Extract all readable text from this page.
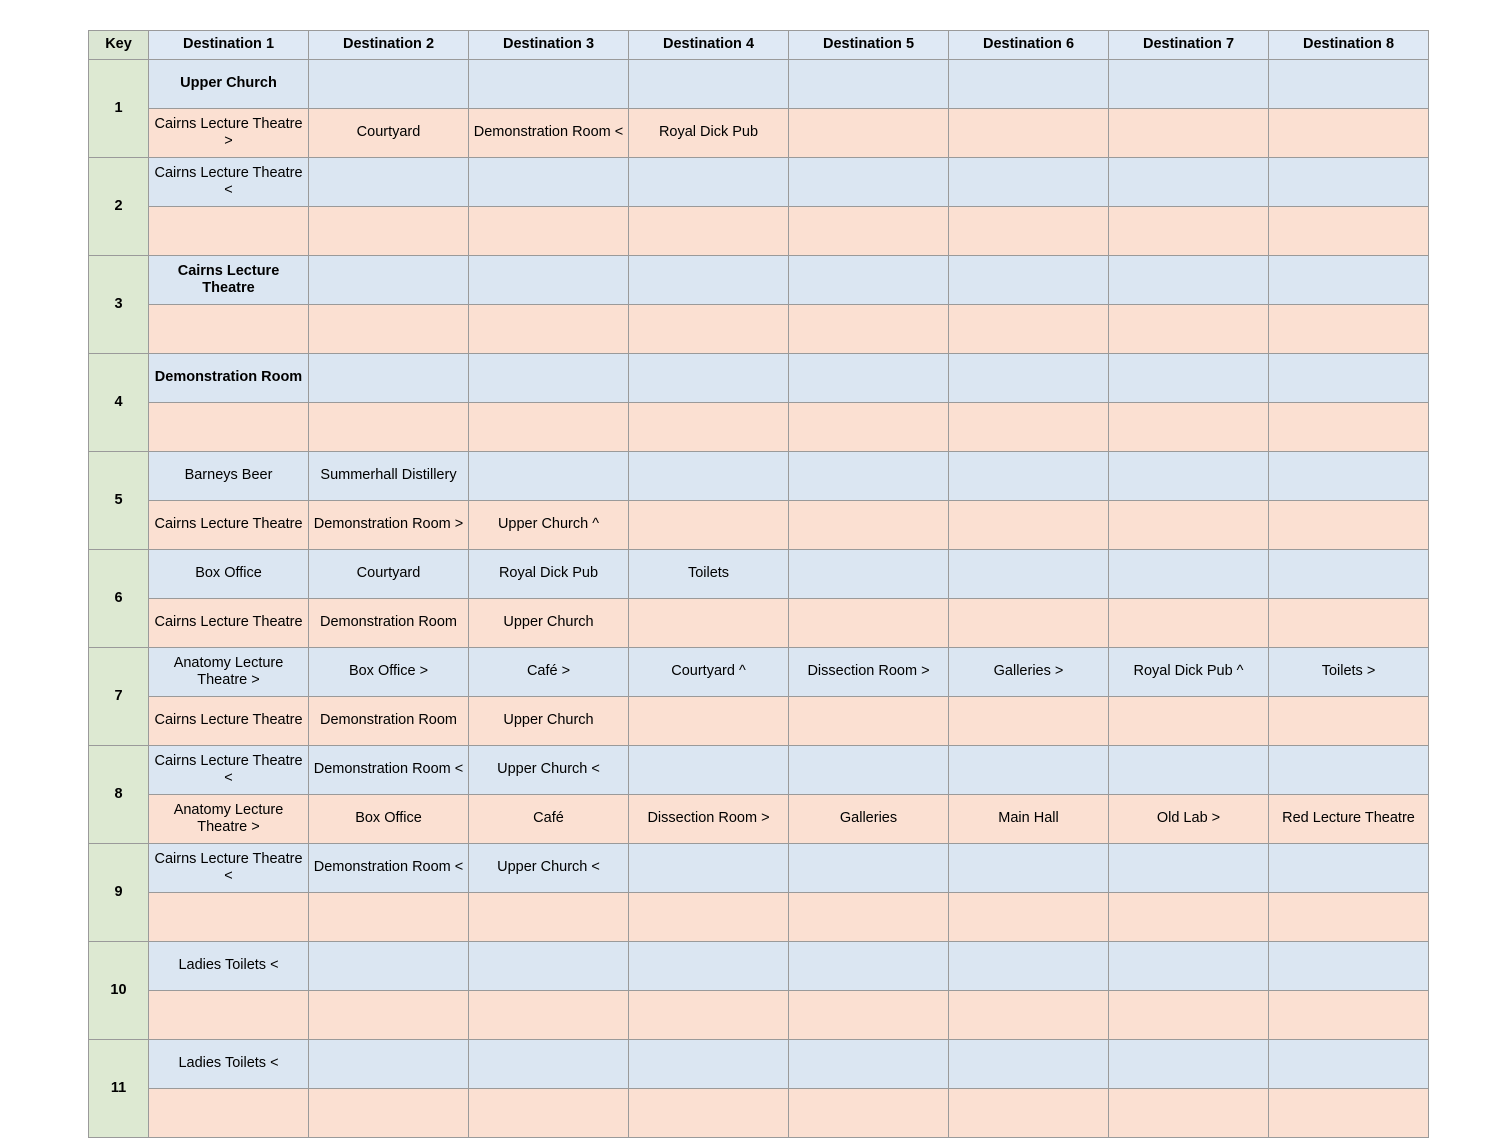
Key	Destination 1	Destination 2	Destination 3	Destination 4	Destination 5	Destination 6	Destination 7	Destination 8
1	Upper Church							

	Cairns Lecture Theatre >	Courtyard	Demonstration Room <	Royal Dick Pub				

2	Cairns Lecture Theatre <							

3	Cairns Lecture Theatre							

4	Demonstration Room							

5	Barneys Beer	Summerhall Distillery						

	Cairns Lecture Theatre	Demonstration Room >	Upper Church ^					

6	Box Office	Courtyard	Royal Dick Pub	Toilets				

	Cairns Lecture Theatre	Demonstration Room	Upper Church					

7	Anatomy Lecture Theatre >	Box Office >	Café >	Courtyard ^	Dissection Room >	Galleries >	Royal Dick Pub ^	Toilets >

	Cairns Lecture Theatre	Demonstration Room	Upper Church					

8	Cairns Lecture Theatre <	Demonstration Room <	Upper Church <					

	Anatomy Lecture Theatre >	Box Office	Café	Dissection Room >	Galleries	Main Hall	Old Lab >	Red Lecture Theatre

9	Cairns Lecture Theatre <	Demonstration Room <	Upper Church <					

10	Ladies Toilets <							

11	Ladies Toilets <							
